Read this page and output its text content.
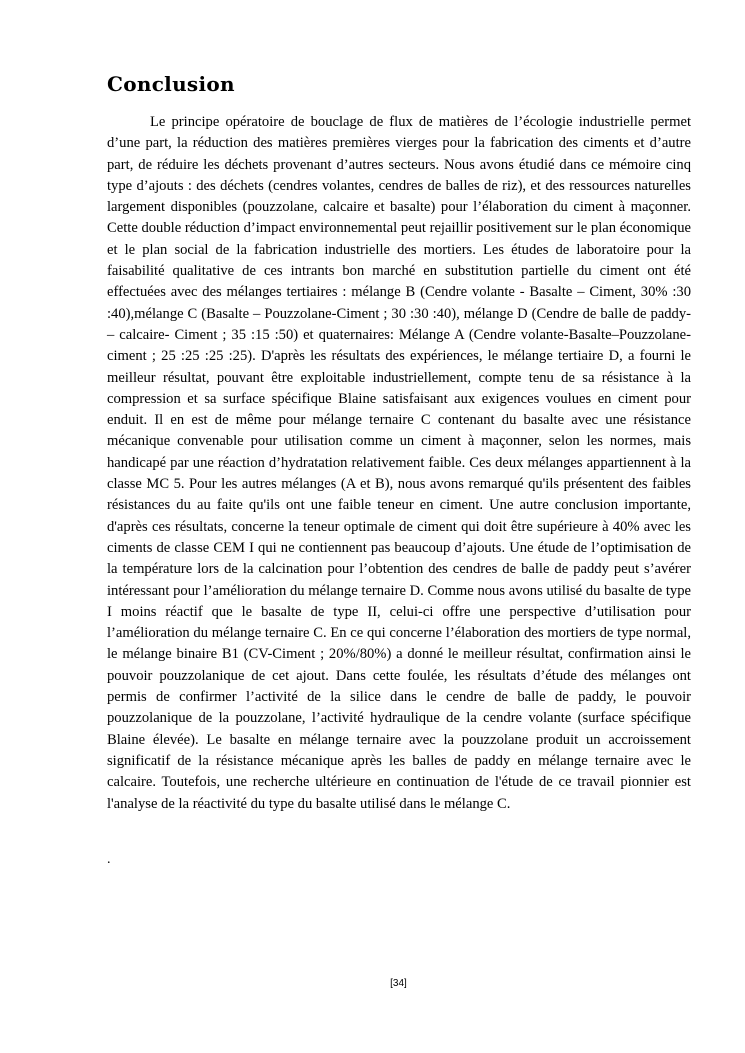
Conclusion

Le principe opératoire de bouclage de flux de matières de l’écologie industrielle permet d’une part, la réduction des matières premières vierges pour la fabrication des ciments et d’autre part, de réduire les déchets provenant d’autres secteurs. Nous avons étudié dans ce mémoire cinq type d’ajouts : des déchets (cendres volantes, cendres de balles de riz), et des ressources naturelles largement disponibles (pouzzolane, calcaire et basalte) pour l’élaboration du ciment à maçonner. Cette double réduction d’impact environnemental peut rejaillir positivement sur le plan économique et le plan social de la fabrication industrielle des mortiers. Les études de laboratoire pour la faisabilité qualitative de ces intrants bon marché en substitution partielle du ciment ont été effectuées avec des mélanges tertiaires : mélange B (Cendre volante - Basalte – Ciment, 30% :30 :40),mélange C (Basalte – Pouzzolane-Ciment ; 30 :30 :40), mélange D (Cendre de balle de paddy- – calcaire- Ciment ; 35 :15 :50) et quaternaires: Mélange A (Cendre volante-Basalte–Pouzzolane-ciment ; 25 :25 :25 :25). D'après les résultats des expériences, le mélange tertiaire D, a fourni le meilleur résultat, pouvant être exploitable industriellement, compte tenu de sa résistance à la compression et sa surface spécifique Blaine satisfaisant aux exigences voulues en ciment pour enduit. Il en est de même pour mélange ternaire C contenant du basalte avec une résistance mécanique convenable pour utilisation comme un ciment à maçonner, selon les normes, mais handicapé par une réaction d’hydratation relativement faible. Ces deux mélanges appartiennent à la classe MC 5. Pour les autres mélanges (A et B), nous avons remarqué qu'ils présentent des faibles résistances du au faite qu'ils ont une faible teneur en ciment. Une autre conclusion importante, d'après ces résultats, concerne la teneur optimale de ciment qui doit être supérieure à 40% avec les ciments de classe CEM I qui ne contiennent pas beaucoup d’ajouts. Une étude de l’optimisation de la température lors de la calcination pour l’obtention des cendres de balle de paddy peut s’avérer intéressant pour l’amélioration du mélange ternaire D. Comme nous avons utilisé du basalte de type I moins réactif que le basalte de type II, celui-ci offre une perspective d’utilisation pour l’amélioration du mélange ternaire C. En ce qui concerne l’élaboration des mortiers de type normal, le mélange binaire B1 (CV-Ciment ; 20%/80%) a donné le meilleur résultat, confirmation ainsi le pouvoir pouzzolanique de cet ajout. Dans cette foulée, les résultats d’étude des mélanges ont permis de confirmer l’activité de la silice dans le cendre de balle de paddy, le pouvoir pouzzolanique de la pouzzolane, l’activité hydraulique de la cendre volante (surface spécifique Blaine élevée). Le basalte en mélange ternaire avec la pouzzolane produit un accroissement significatif de la résistance mécanique après les balles de paddy en mélange ternaire avec le calcaire. Toutefois, une recherche ultérieure en continuation de l'étude de ce travail pionnier est l'analyse de la réactivité du type du basalte utilisé dans le mélange C.

.

[34]
